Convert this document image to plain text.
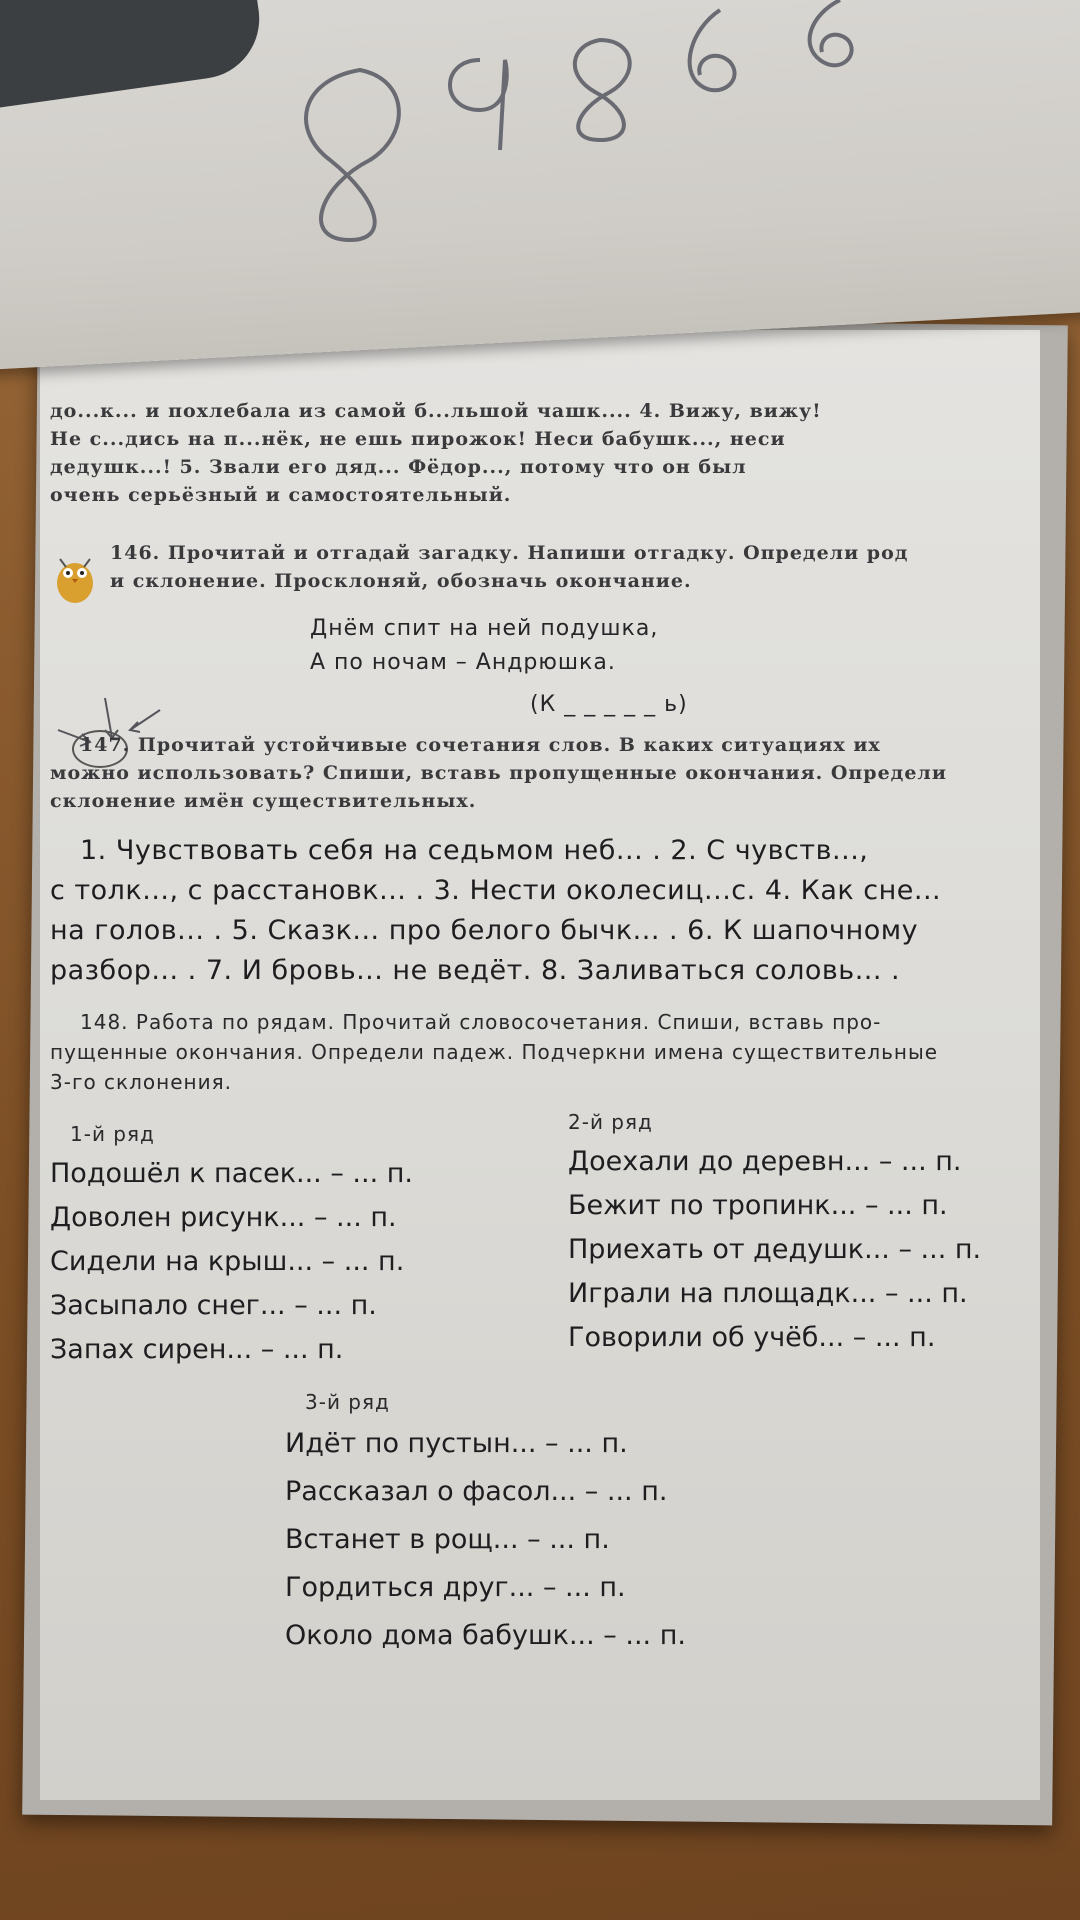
до...к... и похлебала из самой б...льшой чашк.... 4. Вижу, вижу!
Не с...дись на п...нёк, не ешь пирожок! Неси бабушк..., неси
дедушк...! 5. Звали его дяд... Фёдор..., потому что он был
очень серьёзный и самостоятельный.
146. Прочитай и отгадай загадку. Напиши отгадку. Определи род
и склонение. Просклоняй, обозначь окончание.
Днём спит на ней подушка,
А по ночам – Андрюшка.
(К _ _ _ _ _ ь)
147. Прочитай устойчивые сочетания слов. В каких ситуациях их
можно использовать? Спиши, вставь пропущенные окончания. Определи
склонение имён существительных.
1. Чувствовать себя на седьмом неб... . 2. С чувств...,
с толк..., с расстановк... . 3. Нести околесиц...с. 4. Как сне...
на голов... . 5. Сказк... про белого бычк... . 6. К шапочному
разбор... . 7. И бровь... не ведёт. 8. Заливаться соловь... .
148. Работа по рядам. Прочитай словосочетания. Спиши, вставь про-
пущенные окончания. Определи падеж. Подчеркни имена существительные
3-го склонения.
1-й ряд
Подошёл к пасек... – ... п.
Доволен рисунк... – ... п.
Сидели на крыш... – ... п.
Засыпало снег... – ... п.
Запах сирен... – ... п.
2-й ряд
Доехали до деревн... – ... п.
Бежит по тропинк... – ... п.
Приехать от дедушк... – ... п.
Играли на площадк... – ... п.
Говорили об учёб... – ... п.
3-й ряд
Идёт по пустын... – ... п.
Рассказал о фасол... – ... п.
Встанет в рощ... – ... п.
Гордиться друг... – ... п.
Около дома бабушк... – ... п.
